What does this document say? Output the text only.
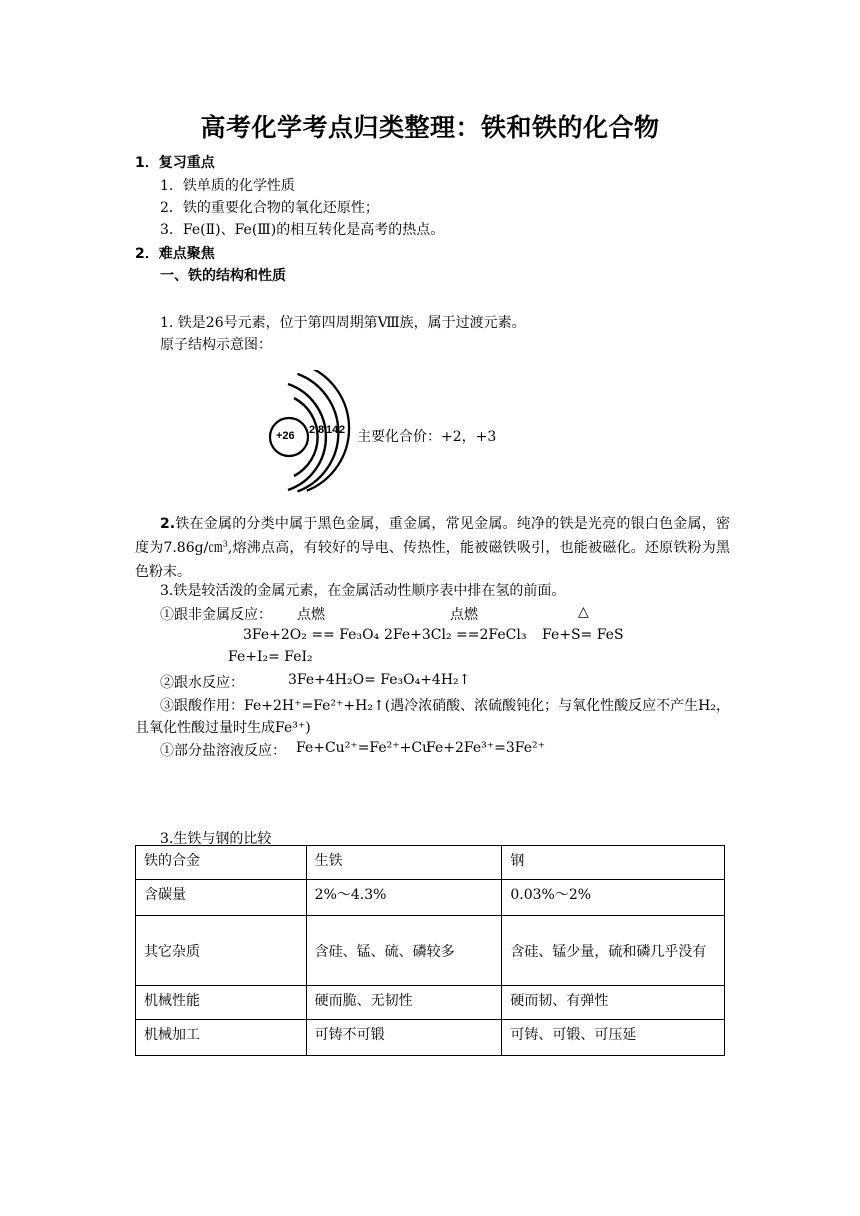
高考化学考点归类整理：铁和铁的化合物
1．复习重点
1．铁单质的化学性质
2．铁的重要化合物的氧化还原性；
3．Fe(Ⅱ)、Fe(Ⅲ)的相互转化是高考的热点。
2．难点聚焦
一、铁的结构和性质
1. 铁是26号元素，位于第四周期第Ⅷ族，属于过渡元素。
原子结构示意图：
+26 2 8 14 2 主要化合价：+2，+3
2.铁在金属的分类中属于黑色金属，重金属，常见金属。纯净的铁是光亮的银白色金属，密度为7.86g/㎝$^3$,熔沸点高，有较好的导电、传热性，能被磁铁吸引，也能被磁化。还原铁粉为黑色粉末。
3.铁是较活泼的金属元素，在金属活动性顺序表中排在氢的前面。
①跟非金属反应： 点燃	点燃	△
3Fe+2O₂ == Fe₃O₄ 2Fe+3Cl₂ ==2FeCl₃ Fe+S= FeS
Fe+I₂= FeI₂
②跟水反应：	3Fe+4H₂O= Fe₃O₄+4H₂↑
③跟酸作用：Fe+2H⁺=Fe²⁺+H₂↑(遇冷浓硝酸、浓硫酸钝化；与氧化性酸反应不产生H₂，
且氧化性酸过量时生成Fe³⁺)
①部分盐溶液反应： Fe+Cu²⁺=Fe²⁺+Cu
Fe+2Fe³⁺=3Fe²⁺
3.生铁与钢的比较
铁的合金	生铁	钢
含碳量	2%～4.3%	0.03%～2%
其它杂质	含硅、锰、硫、磷较多	含硅、锰少量，硫和磷几乎没有
机械性能	硬而脆、无韧性	硬而韧、有弹性
机械加工	可铸不可锻	可铸、可锻、可压延
